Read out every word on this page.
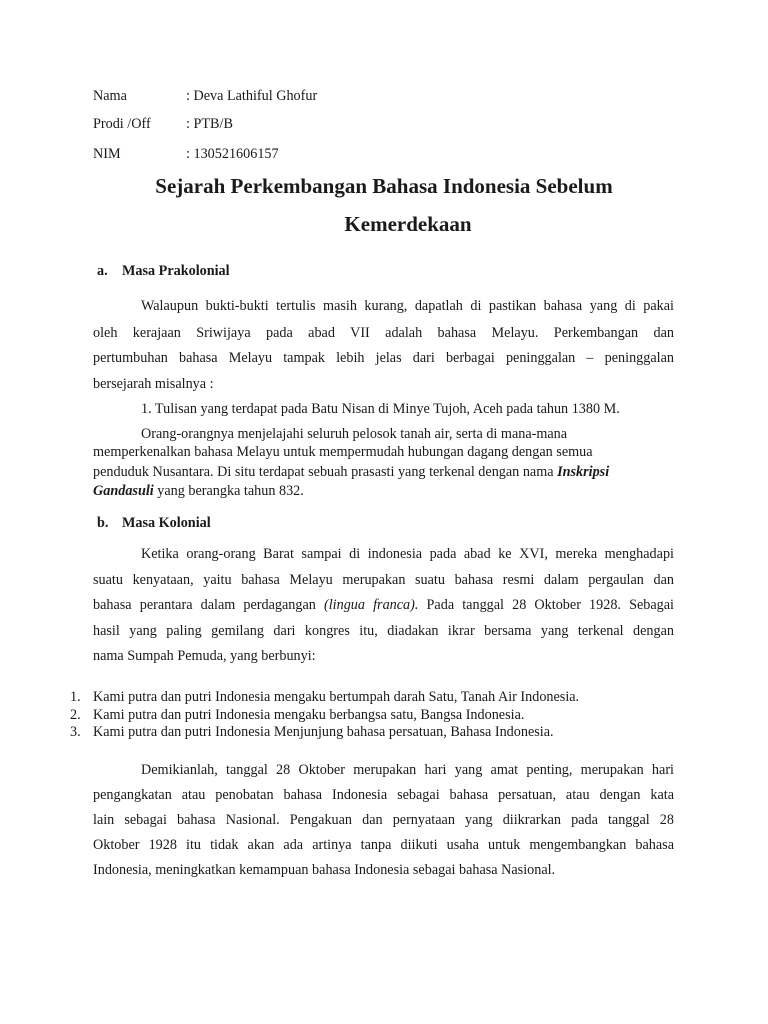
Nama	: Deva Lathiful Ghofur
Prodi /Off : PTB/B
NIM	: 130521606157
Sejarah Perkembangan Bahasa Indonesia Sebelum
Kemerdekaan
a. Masa Prakolonial
Walaupun bukti-bukti tertulis masih kurang, dapatlah di pastikan bahasa yang di pakai
oleh kerajaan Sriwijaya pada abad VII adalah bahasa Melayu. Perkembangan dan
pertumbuhan bahasa Melayu tampak lebih jelas dari berbagai peninggalan – peninggalan
bersejarah misalnya :
1. Tulisan yang terdapat pada Batu Nisan di Minye Tujoh, Aceh pada tahun 1380 M.
Orang-orangnya menjelajahi seluruh pelosok tanah air, serta di mana-mana
memperkenalkan bahasa Melayu untuk mempermudah hubungan dagang dengan semua
penduduk Nusantara. Di situ terdapat sebuah prasasti yang terkenal dengan nama Inskripsi
Gandasuli yang berangka tahun 832.
b. Masa Kolonial
Ketika orang-orang Barat sampai di indonesia pada abad ke XVI, mereka menghadapi
suatu kenyataan, yaitu bahasa Melayu merupakan suatu bahasa resmi dalam pergaulan dan
bahasa perantara dalam perdagangan (lingua franca). Pada tanggal 28 Oktober 1928. Sebagai
hasil yang paling gemilang dari kongres itu, diadakan ikrar bersama yang terkenal dengan
nama Sumpah Pemuda, yang berbunyi:
1. Kami putra dan putri Indonesia mengaku bertumpah darah Satu, Tanah Air Indonesia.
2. Kami putra dan putri Indonesia mengaku berbangsa satu, Bangsa Indonesia.
3. Kami putra dan putri Indonesia Menjunjung bahasa persatuan, Bahasa Indonesia.
Demikianlah, tanggal 28 Oktober merupakan hari yang amat penting, merupakan hari
pengangkatan atau penobatan bahasa Indonesia sebagai bahasa persatuan, atau dengan kata
lain sebagai bahasa Nasional. Pengakuan dan pernyataan yang diikrarkan pada tanggal 28
Oktober 1928 itu tidak akan ada artinya tanpa diikuti usaha untuk mengembangkan bahasa
Indonesia, meningkatkan kemampuan bahasa Indonesia sebagai bahasa Nasional.
